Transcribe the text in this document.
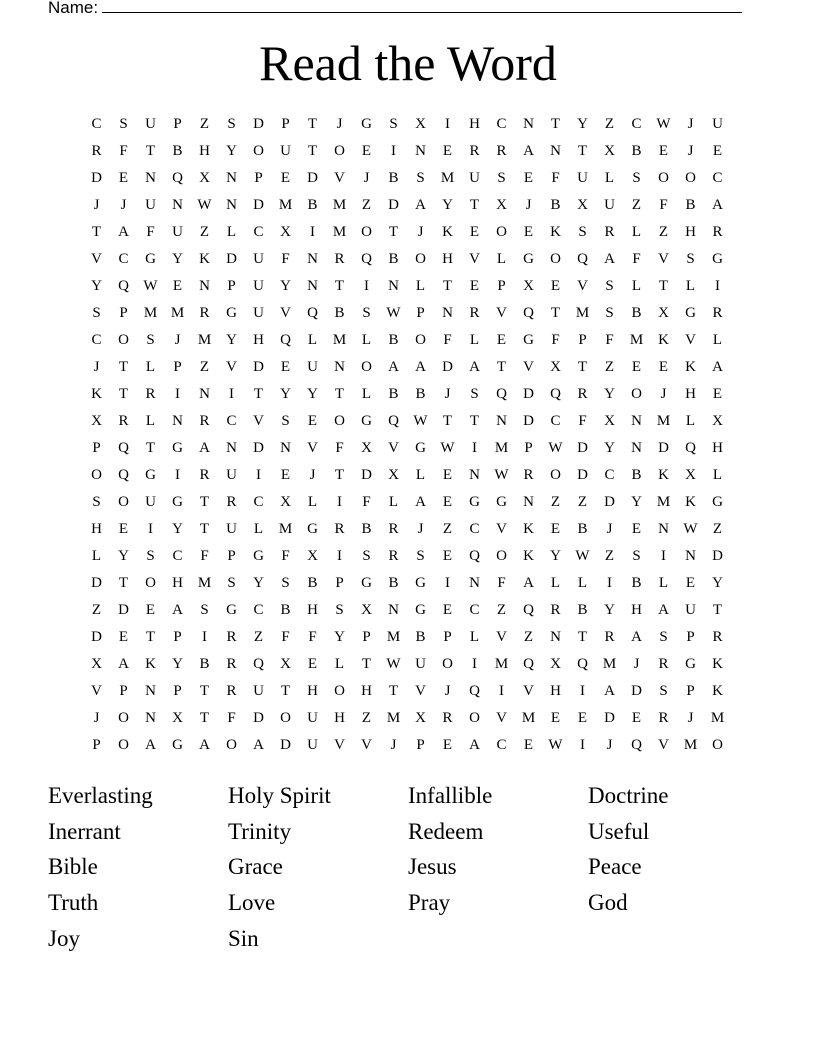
Name:
Read the Word
C	S	U	P	Z	S	D	P	T	J	G	S	X	I	H	C	N	T	Y	Z	C W	J	U
R	F	T	B	H	Y	O	U	T	O	E	I	N	E	R	R	A	N	T	X	B	E	J	E
D	E	N	Q	X	N	P	E	D	V	J	B	S	M U	S	E	F	U	L	S	O	O	C
J	J	U	N W N	D M	B	M	Z	D	A	Y	T	X	J	B	X	U	Z	F	B	A
T	A	F	U	Z	L	C	X	I	M O	T	J	K	E	O	E	K	S	R	L	Z	H	R
V	C	G	Y	K	D	U	F	N	R	Q	B	O	H	V	L	G	O	Q	A	F	V	S	G
Y	Q W	E	N	P	U	Y	N	T	I	N	L	T	E	P	X	E	V	S	L	T	L	I
S	P	M M	R	G	U	V	Q	B	S	W	P	N	R	V	Q	T	M	S	B	X	G	R
C	O	S	J	M Y	H	Q	L	M	L	B	O	F	L	E	G	F	P	F	M K	V	L
J	T	L	P	Z	V	D	E	U	N	O	A	A	D	A	T	V	X	T	Z	E	E	K	A
K	T	R	I	N	I	T	Y	Y	T	L	B	B	J	S	Q	D	Q	R	Y	O	J	H	E
X	R	L	N	R	C	V	S	E	O	G	Q W	T	T	N	D	C	F	X	N M	L	X
P	Q	T	G	A	N	D	N	V	F	X	V	G W	I	M	P	W D	Y	N	D	Q	H
O	Q	G	I	R	U	I	E	J	T	D	X	L	E	N W R	O	D	C	B	K	X	L
S	O	U	G	T	R	C	X	L	I	F	L	A	E	G	G	N	Z	Z	D	Y M K	G
H	E	I	Y	T	U	L	M G	R	B	R	J	Z	C	V	K	E	B	J	E	N W	Z
L	Y	S	C	F	P	G	F	X	I	S	R	S	E	Q	O	K	Y W	Z	S	I	N	D
D	T	O	H M	S	Y	S	B	P	G	B	G	I	N	F	A	L	L	I	B	L	E	Y
Z	D	E	A	S	G	C	B	H	S	X	N	G	E	C	Z	Q	R	B	Y	H	A	U	T
D	E	T	P	I	R	Z	F	F	Y	P	M	B	P	L	V	Z	N	T	R	A	S	P	R
X	A	K	Y	B	R	Q	X	E	L	T	W U	O	I	M Q	X	Q M	J	R	G	K
V	P	N	P	T	R	U	T	H	O	H	T	V	J	Q	I	V	H	I	A	D	S	P	K
J	O	N	X	T	F	D	O	U	H	Z	M X	R	O	V M	E	E	D	E	R	J	M
P	O	A	G	A	O	A	D	U	V	V	J	P	E	A	C	E	W	I	J	Q	V M O
Everlasting	Holy Spirit	Infallible	Doctrine
Inerrant	Trinity	Redeem	Useful
Bible	Grace	Jesus	Peace
Truth	Love	Pray	God
Joy	Sin
